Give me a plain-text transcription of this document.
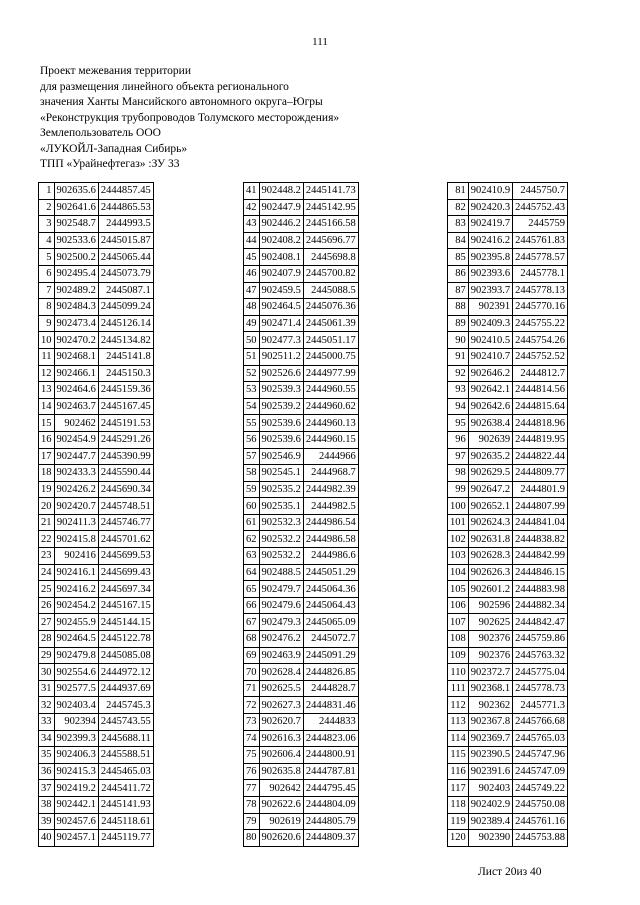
111
Проект межевания территории
для размещения линейного объекта регионального
значения Ханты Мансийского автономного округа–Югры
«Реконструкция трубопроводов Толумского месторождения»
Землепользователь ООО
«ЛУКОЙЛ-Западная Сибирь»
ТПП «Урайнефтегаз» :ЗУ 33
1	902635.6	2444857.45
2	902641.6	2444865.53
3	902548.7	2444993.5
4	902533.6	2445015.87
5	902500.2	2445065.44
6	902495.4	2445073.79
7	902489.2	2445087.1
8	902484.3	2445099.24
9	902473.4	2445126.14
10	902470.2	2445134.82
11	902468.1	2445141.8
12	902466.1	2445150.3
13	902464.6	2445159.36
14	902463.7	2445167.45
15	902462	2445191.53
16	902454.9	2445291.26
17	902447.7	2445390.99
18	902433.3	2445590.44
19	902426.2	2445690.34
20	902420.7	2445748.51
21	902411.3	2445746.77
22	902415.8	2445701.62
23	902416	2445699.53
24	902416.1	2445699.43
25	902416.2	2445697.34
26	902454.2	2445167.15
27	902455.9	2445144.15
28	902464.5	2445122.78
29	902479.8	2445085.08
30	902554.6	2444972.12
31	902577.5	2444937.69
32	902403.4	2445745.3
33	902394	2445743.55
34	902399.3	2445688.11
35	902406.3	2445588.51
36	902415.3	2445465.03
37	902419.2	2445411.72
38	902442.1	2445141.93
39	902457.6	2445118.61
40	902457.1	2445119.77
41	902448.2	2445141.73
42	902447.9	2445142.95
43	902446.2	2445166.58
44	902408.2	2445696.77
45	902408.1	2445698.8
46	902407.9	2445700.82
47	902459.5	2445088.5
48	902464.5	2445076.36
49	902471.4	2445061.39
50	902477.3	2445051.17
51	902511.2	2445000.75
52	902526.6	2444977.99
53	902539.3	2444960.55
54	902539.2	2444960.62
55	902539.6	2444960.13
56	902539.6	2444960.15
57	902546.9	2444966
58	902545.1	2444968.7
59	902535.2	2444982.39
60	902535.1	2444982.5
61	902532.3	2444986.54
62	902532.2	2444986.58
63	902532.2	2444986.6
64	902488.5	2445051.29
65	902479.7	2445064.36
66	902479.6	2445064.43
67	902479.3	2445065.09
68	902476.2	2445072.7
69	902463.9	2445091.29
70	902628.4	2444826.85
71	902625.5	2444828.7
72	902627.3	2444831.46
73	902620.7	2444833
74	902616.3	2444823.06
75	902606.4	2444800.91
76	902635.8	2444787.81
77	902642	2444795.45
78	902622.6	2444804.09
79	902619	2444805.79
80	902620.6	2444809.37
81	902410.9	2445750.7
82	902420.3	2445752.43
83	902419.7	2445759
84	902416.2	2445761.83
85	902395.8	2445778.57
86	902393.6	2445778.1
87	902393.7	2445778.13
88	902391	2445770.16
89	902409.3	2445755.22
90	902410.5	2445754.26
91	902410.7	2445752.52
92	902646.2	2444812.7
93	902642.1	2444814.56
94	902642.6	2444815.64
95	902638.4	2444818.96
96	902639	2444819.95
97	902635.2	2444822.44
98	902629.5	2444809.77
99	902647.2	2444801.9
100	902652.1	2444807.99
101	902624.3	2444841.04
102	902631.8	2444838.82
103	902628.3	2444842.99
104	902626.3	2444846.15
105	902601.2	2444883.98
106	902596	2444882.34
107	902625	2444842.47
108	902376	2445759.86
109	902376	2445763.32
110	902372.7	2445775.04
111	902368.1	2445778.73
112	902362	2445771.3
113	902367.8	2445766.68
114	902369.7	2445765.03
115	902390.5	2445747.96
116	902391.6	2445747.09
117	902403	2445749.22
118	902402.9	2445750.08
119	902389.4	2445761.16
120	902390	2445753.88
Лист 20из 40
